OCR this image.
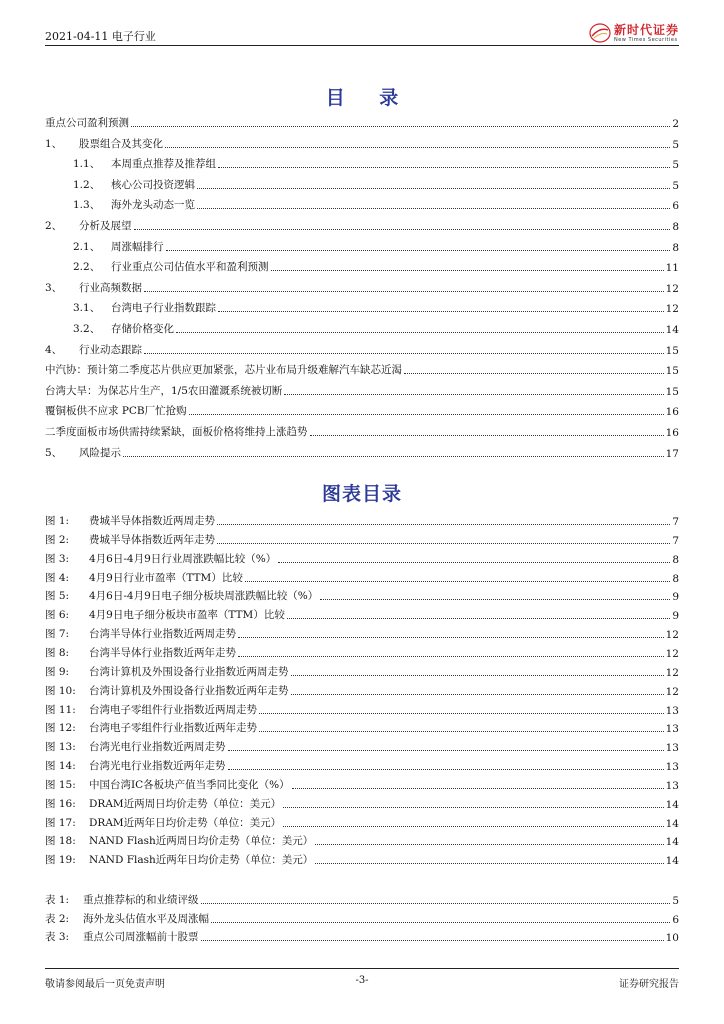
2021-04-11 电子行业	新时代证券
New Times Securities
目 录
重点公司盈利预测	2
1、	股票组合及其变化	5
1.1、	本周重点推荐及推荐组	5
1.2、	核心公司投资逻辑	5
1.3、	海外龙头动态一览	6
2、	分析及展望	8
2.1、	周涨幅排行	8
2.2、	行业重点公司估值水平和盈利预测	11
3、	行业高频数据	12
3.1、	台湾电子行业指数跟踪	12
3.2、	存储价格变化	14
4、	行业动态跟踪	15
中汽协：预计第二季度芯片供应更加紧张，芯片业布局升级难解汽车缺芯近渴	15
台湾大旱：为保芯片生产，1/5农田灌溉系统被切断	15
覆铜板供不应求 PCB厂忙抢购	16
二季度面板市场供需持续紧缺，面板价格将维持上涨趋势	16
5、	风险提示	17
图表目录
图 1:	费城半导体指数近两周走势	7
图 2:	费城半导体指数近两年走势	7
图 3:	4月6日-4月9日行业周涨跌幅比较（%）	8
图 4:	4月9日行业市盈率（TTM）比较	8
图 5:	4月6日-4月9日电子细分板块周涨跌幅比较（%）	9
图 6:	4月9日电子细分板块市盈率（TTM）比较	9
图 7:	台湾半导体行业指数近两周走势	12
图 8:	台湾半导体行业指数近两年走势	12
图 9:	台湾计算机及外围设备行业指数近两周走势	12
图 10:	台湾计算机及外围设备行业指数近两年走势	12
图 11:	台湾电子零组件行业指数近两周走势	13
图 12:	台湾电子零组件行业指数近两年走势	13
图 13:	台湾光电行业指数近两周走势	13
图 14:	台湾光电行业指数近两年走势	13
图 15:	中国台湾IC各板块产值当季同比变化（%）	13
图 16:	DRAM近两周日均价走势（单位：美元）	14
图 17:	DRAM近两年日均价走势（单位：美元）	14
图 18:	NAND Flash近两周日均价走势（单位：美元）	14
图 19:	NAND Flash近两年日均价走势（单位：美元）	14
表 1:	重点推荐标的和业绩评级	5
表 2:	海外龙头估值水平及周涨幅	6
表 3:	重点公司周涨幅前十股票	10
敬请参阅最后一页免责声明	-3-	证券研究报告
